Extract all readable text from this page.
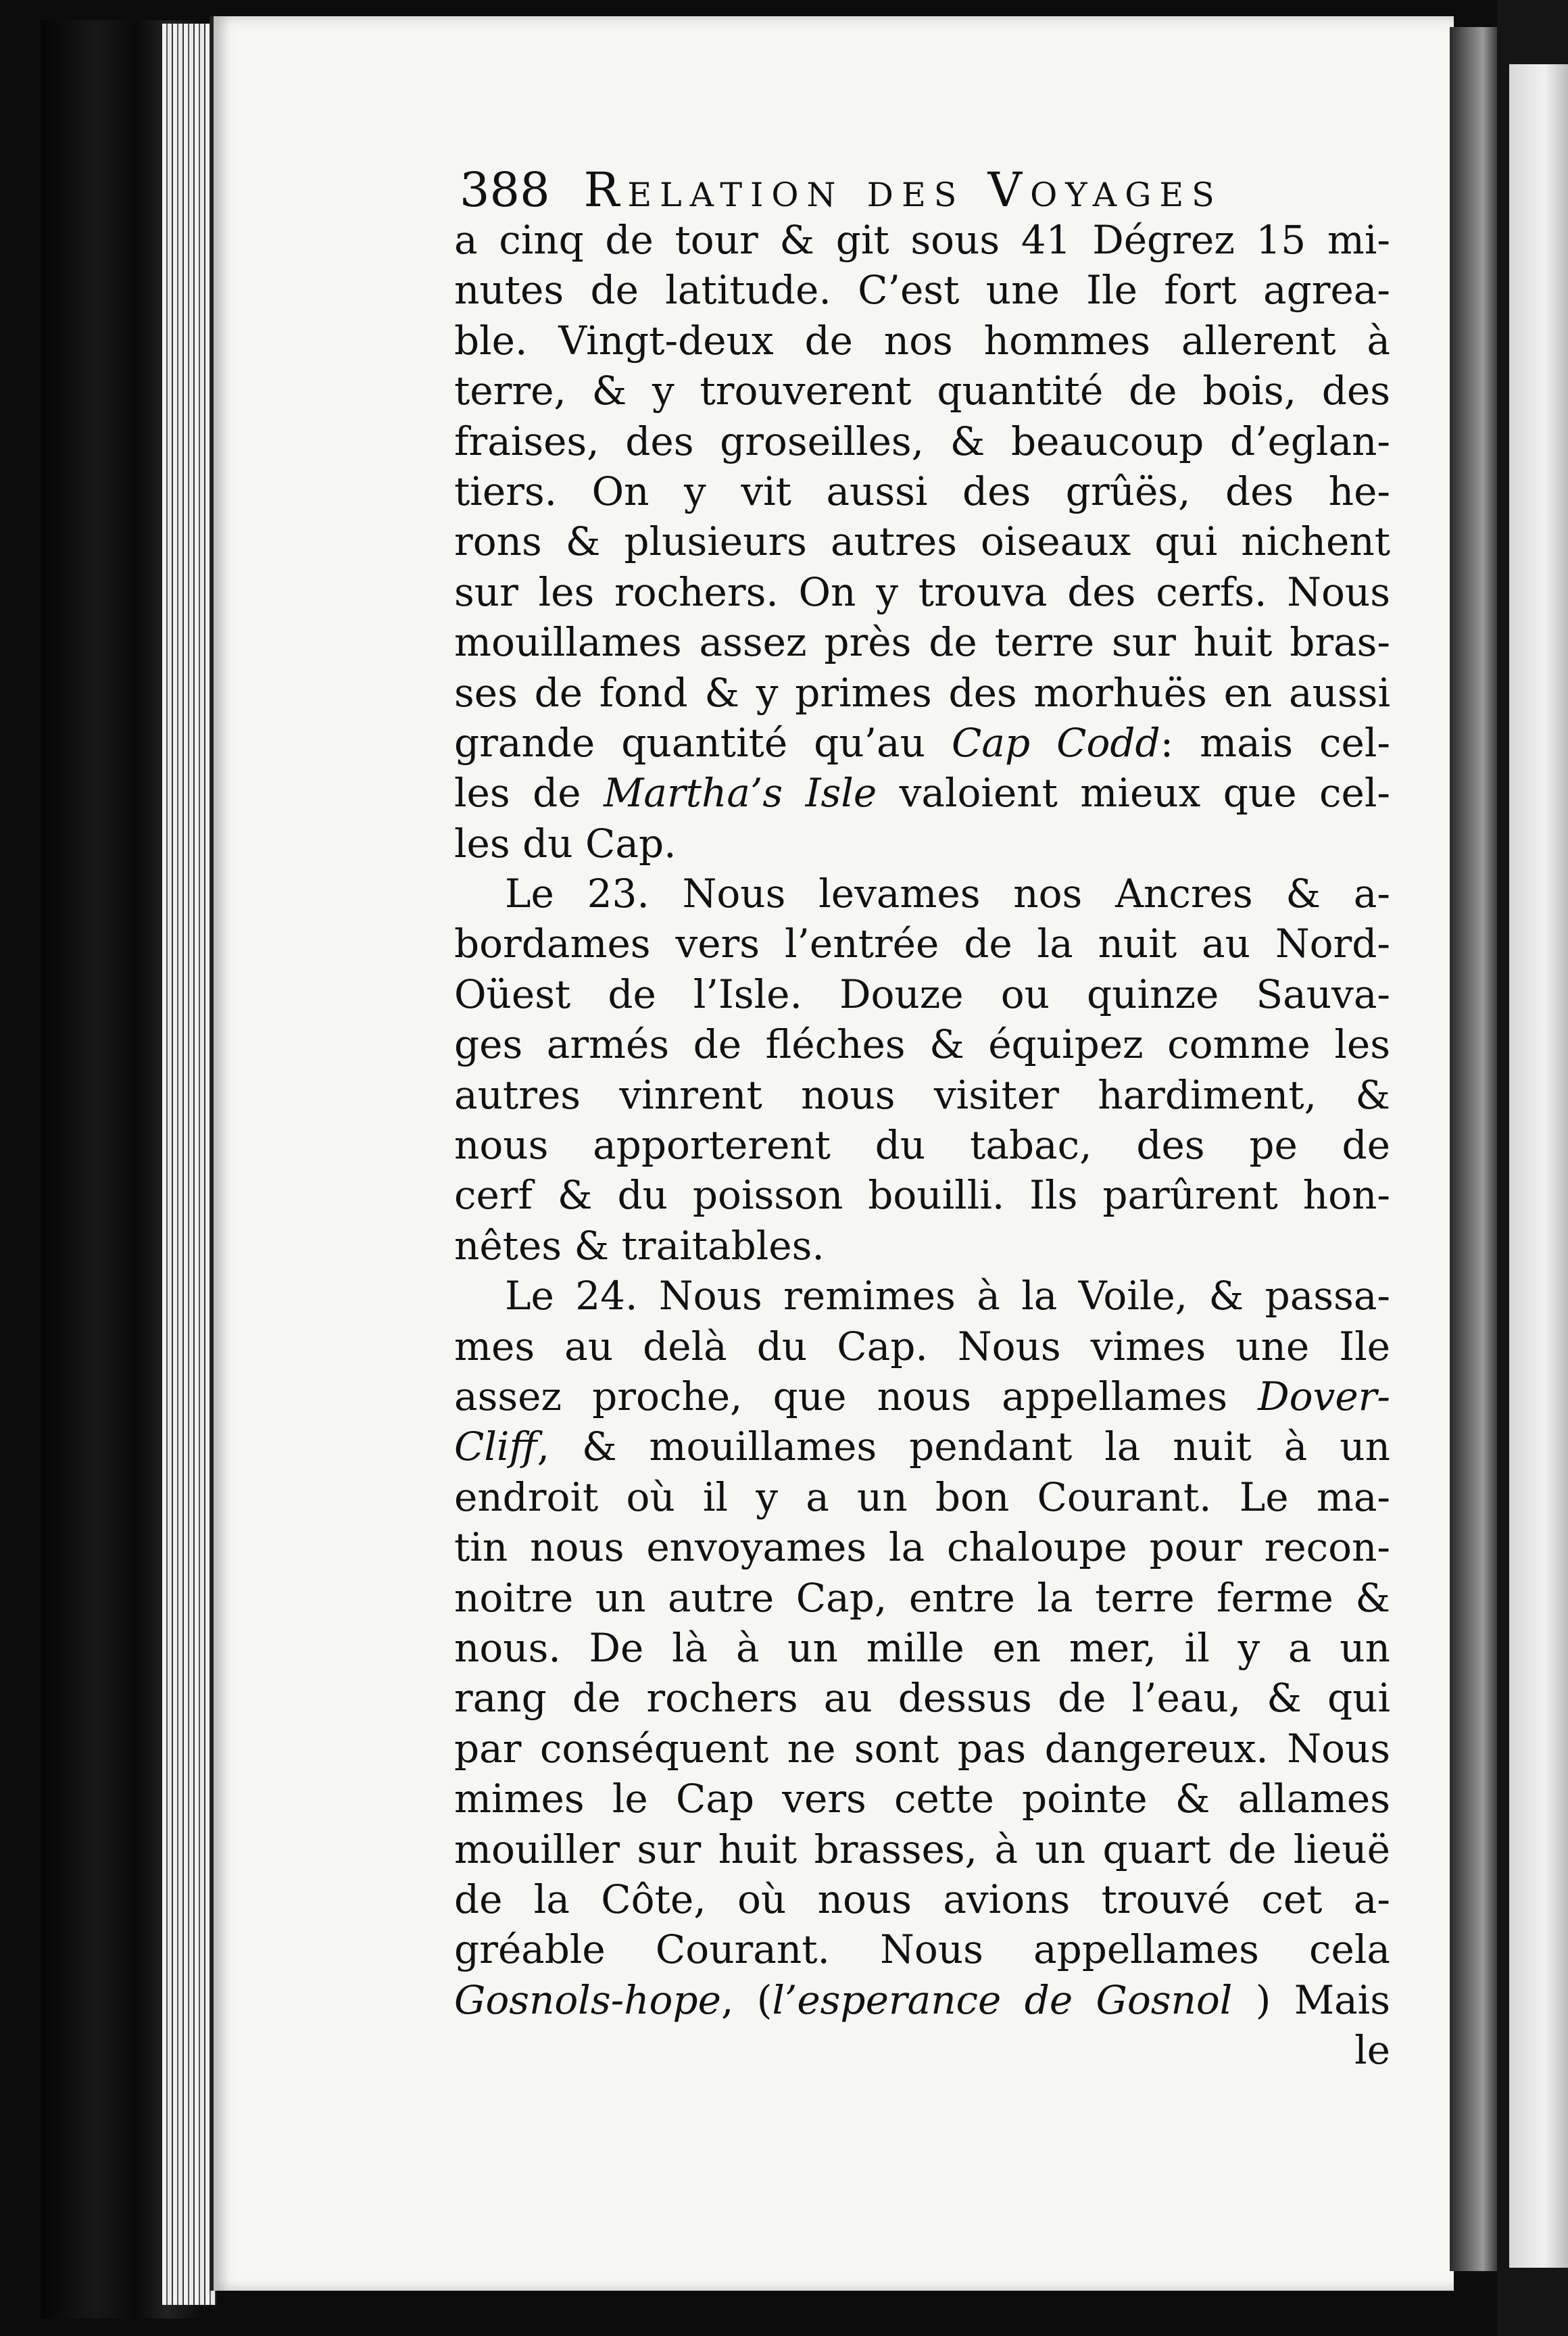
388 Relation des Voyages
a cinq de tour & git sous 41 Dégrez 15 mi-
nutes de latitude. C’est une Ile fort agrea-
ble. Vingt-deux de nos hommes allerent à
terre, & y trouverent quantité de bois, des
fraises, des groseilles, & beaucoup d’eglan-
tiers. On y vit aussi des grûës, des he-
rons & plusieurs autres oiseaux qui nichent
sur les rochers. On y trouva des cerfs. Nous
mouillames assez près de terre sur huit bras-
ses de fond & y primes des morhuës en aussi
grande quantité qu’au Cap Codd: mais cel-
les de Martha’s Isle valoient mieux que cel-
les du Cap.
Le 23. Nous levames nos Ancres & a-
bordames vers l’entrée de la nuit au Nord-
Oüest de l’Isle. Douze ou quinze Sauva-
ges armés de fléches & équipez comme les
autres vinrent nous visiter hardiment, &
nous apporterent du tabac, des pe de
cerf & du poisson bouilli. Ils parûrent hon-
nêtes & traitables.
Le 24. Nous remimes à la Voile, & passa-
mes au delà du Cap. Nous vimes une Ile
assez proche, que nous appellames Dover-
Cliff, & mouillames pendant la nuit à un
endroit où il y a un bon Courant. Le ma-
tin nous envoyames la chaloupe pour recon-
noitre un autre Cap, entre la terre ferme &
nous. De là à un mille en mer, il y a un
rang de rochers au dessus de l’eau, & qui
par conséquent ne sont pas dangereux. Nous
mimes le Cap vers cette pointe & allames
mouiller sur huit brasses, à un quart de lieuë
de la Côte, où nous avions trouvé cet a-
gréable Courant. Nous appellames cela
Gosnols-hope, (l’esperance de Gosnol ) Mais
le
